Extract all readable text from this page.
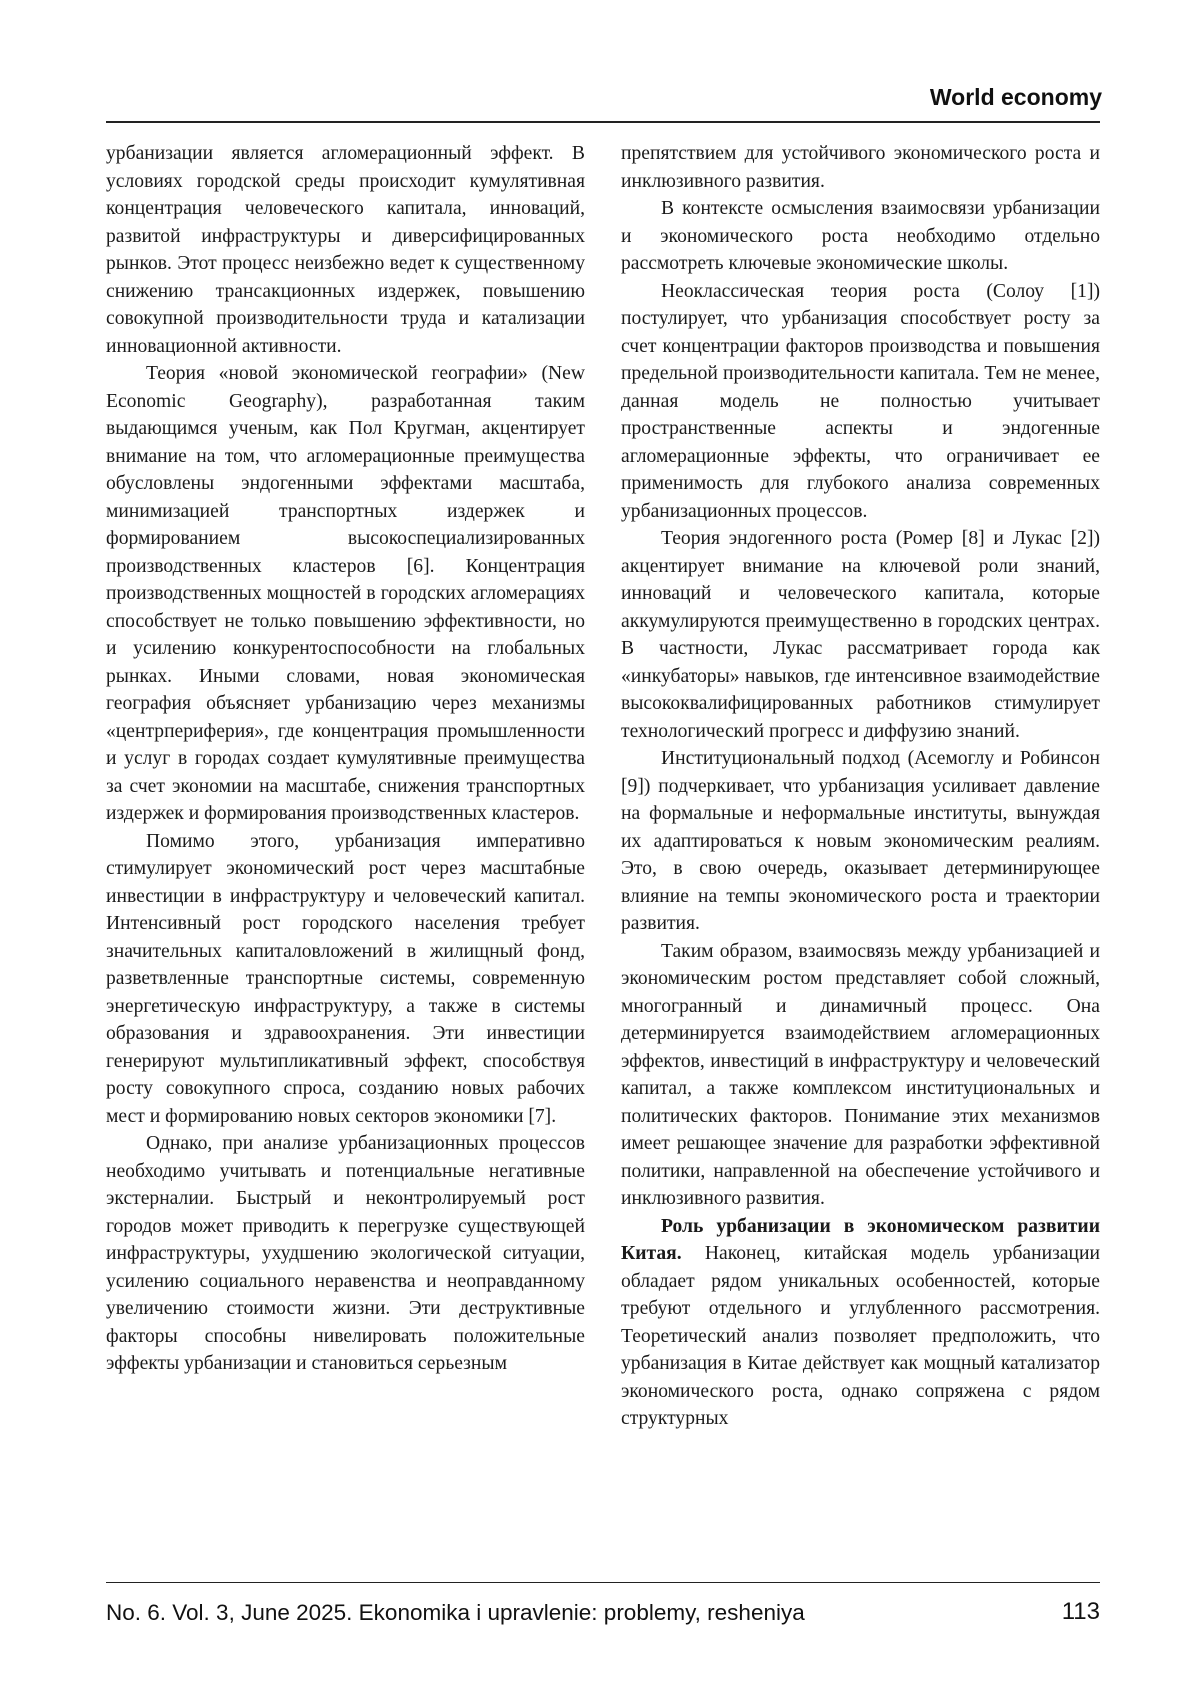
World economy

урбанизации является агломерационный эффект. В условиях городской среды происходит кумулятивная концентрация человеческого капитала, инноваций, развитой инфраструктуры и диверсифицированных рынков. Этот процесс неизбежно ведет к существенному снижению трансакционных издержек, повышению совокупной производительности труда и катализации инновационной активности.

Теория «новой экономической географии» (New Economic Geography), разработанная таким выдающимся ученым, как Пол Кругман, акцентирует внимание на том, что агломерационные преимущества обусловлены эндогенными эффектами масштаба, минимизацией транспортных издержек и формированием высокоспециализированных производственных кластеров [6]. Концентрация производственных мощностей в городских агломерациях способствует не только повышению эффективности, но и усилению конкурентоспособности на глобальных рынках. Иными словами, новая экономическая география объясняет урбанизацию через механизмы «центрпериферия», где концентрация промышленности и услуг в городах создает кумулятивные преимущества за счет экономии на масштабе, снижения транспортных издержек и формирования производственных кластеров.

Помимо этого, урбанизация императивно стимулирует экономический рост через масштабные инвестиции в инфраструктуру и человеческий капитал. Интенсивный рост городского населения требует значительных капиталовложений в жилищный фонд, разветвленные транспортные системы, современную энергетическую инфраструктуру, а также в системы образования и здравоохранения. Эти инвестиции генерируют мультипликативный эффект, способствуя росту совокупного спроса, созданию новых рабочих мест и формированию новых секторов экономики [7].

Однако, при анализе урбанизационных процессов необходимо учитывать и потенциальные негативные экстерналии. Быстрый и неконтролируемый рост городов может приводить к перегрузке существующей инфраструктуры, ухудшению экологической ситуации, усилению социального неравенства и неоправданному увеличению стоимости жизни. Эти деструктивные факторы способны нивелировать положительные эффекты урбанизации и становиться серьезным

препятствием для устойчивого экономического роста и инклюзивного развития.

В контексте осмысления взаимосвязи урбанизации и экономического роста необходимо отдельно рассмотреть ключевые экономические школы.

Неоклассическая теория роста (Солоу [1]) постулирует, что урбанизация способствует росту за счет концентрации факторов производства и повышения предельной производительности капитала. Тем не менее, данная модель не полностью учитывает пространственные аспекты и эндогенные агломерационные эффекты, что ограничивает ее применимость для глубокого анализа современных урбанизационных процессов.

Теория эндогенного роста (Ромер [8] и Лукас [2]) акцентирует внимание на ключевой роли знаний, инноваций и человеческого капитала, которые аккумулируются преимущественно в городских центрах. В частности, Лукас рассматривает города как «инкубаторы» навыков, где интенсивное взаимодействие высококвалифицированных работников стимулирует технологический прогресс и диффузию знаний.

Институциональный подход (Асемоглу и Робинсон [9]) подчеркивает, что урбанизация усиливает давление на формальные и неформальные институты, вынуждая их адаптироваться к новым экономическим реалиям. Это, в свою очередь, оказывает детерминирующее влияние на темпы экономического роста и траектории развития.

Таким образом, взаимосвязь между урбанизацией и экономическим ростом представляет собой сложный, многогранный и динамичный процесс. Она детерминируется взаимодействием агломерационных эффектов, инвестиций в инфраструктуру и человеческий капитал, а также комплексом институциональных и политических факторов. Понимание этих механизмов имеет решающее значение для разработки эффективной политики, направленной на обеспечение устойчивого и инклюзивного развития.

Роль урбанизации в экономическом развитии Китая. Наконец, китайская модель урбанизации обладает рядом уникальных особенностей, которые требуют отдельного и углубленного рассмотрения. Теоретический анализ позволяет предположить, что урбанизация в Китае действует как мощный катализатор экономического роста, однако сопряжена с рядом структурных

No. 6. Vol. 3, June 2025. Ekonomika i upravlenie: problemy, resheniya	113
